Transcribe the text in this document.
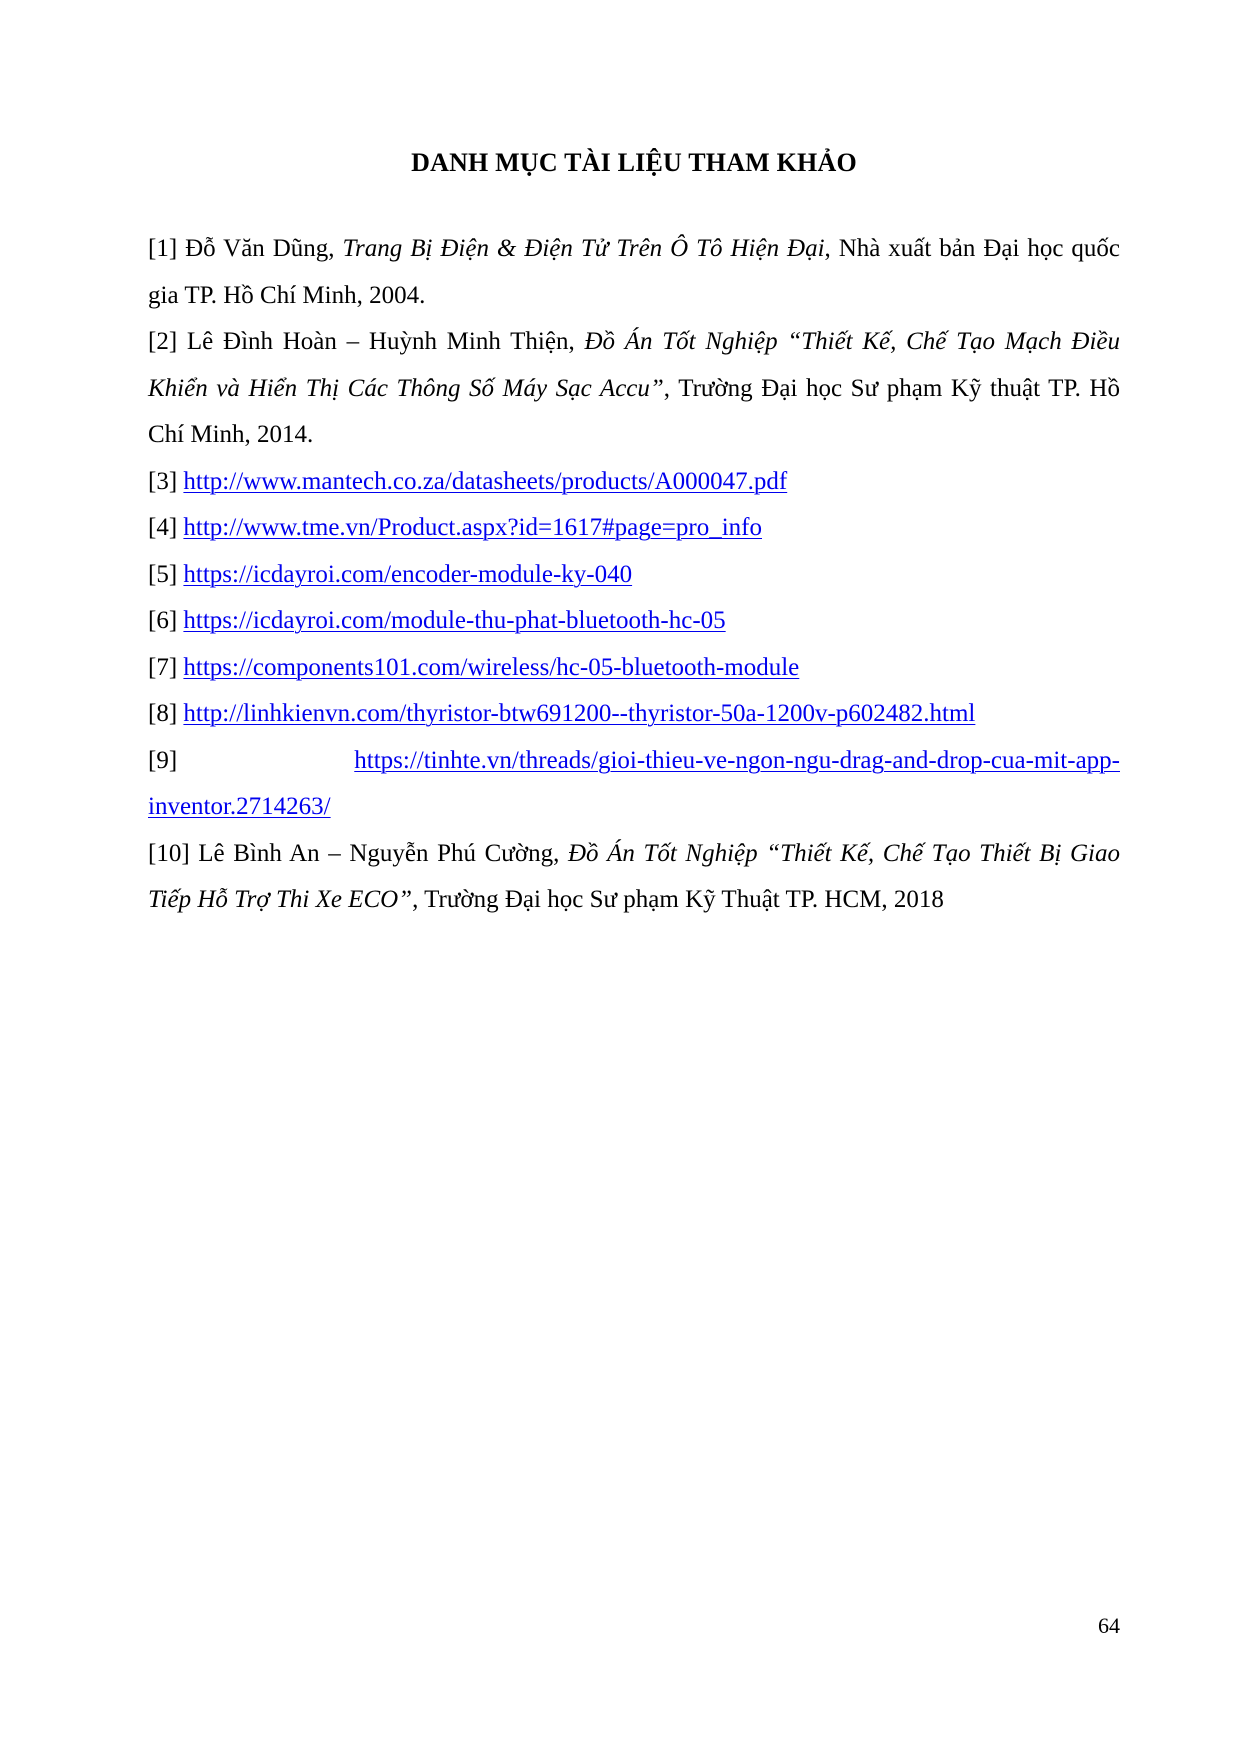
DANH MỤC TÀI LIỆU THAM KHẢO

[1] Đỗ Văn Dũng, Trang Bị Điện & Điện Tử Trên Ô Tô Hiện Đại, Nhà xuất bản Đại học quốc gia TP. Hồ Chí Minh, 2004.

[2] Lê Đình Hoàn – Huỳnh Minh Thiện, Đồ Án Tốt Nghiệp “Thiết Kế, Chế Tạo Mạch Điều Khiển và Hiển Thị Các Thông Số Máy Sạc Accu”, Trường Đại học Sư phạm Kỹ thuật TP. Hồ Chí Minh, 2014.

[3] http://www.mantech.co.za/datasheets/products/A000047.pdf

[4] http://www.tme.vn/Product.aspx?id=1617#page=pro_info

[5] https://icdayroi.com/encoder-module-ky-040

[6] https://icdayroi.com/module-thu-phat-bluetooth-hc-05

[7] https://components101.com/wireless/hc-05-bluetooth-module

[8] http://linhkienvn.com/thyristor-btw691200--thyristor-50a-1200v-p602482.html

[9]	https://tinhte.vn/threads/gioi-thieu-ve-ngon-ngu-drag-and-drop-cua-mit-app-inventor.2714263/

[10] Lê Bình An – Nguyễn Phú Cường, Đồ Án Tốt Nghiệp “Thiết Kế, Chế Tạo Thiết Bị Giao Tiếp Hỗ Trợ Thi Xe ECO”, Trường Đại học Sư phạm Kỹ Thuật TP. HCM, 2018

64
